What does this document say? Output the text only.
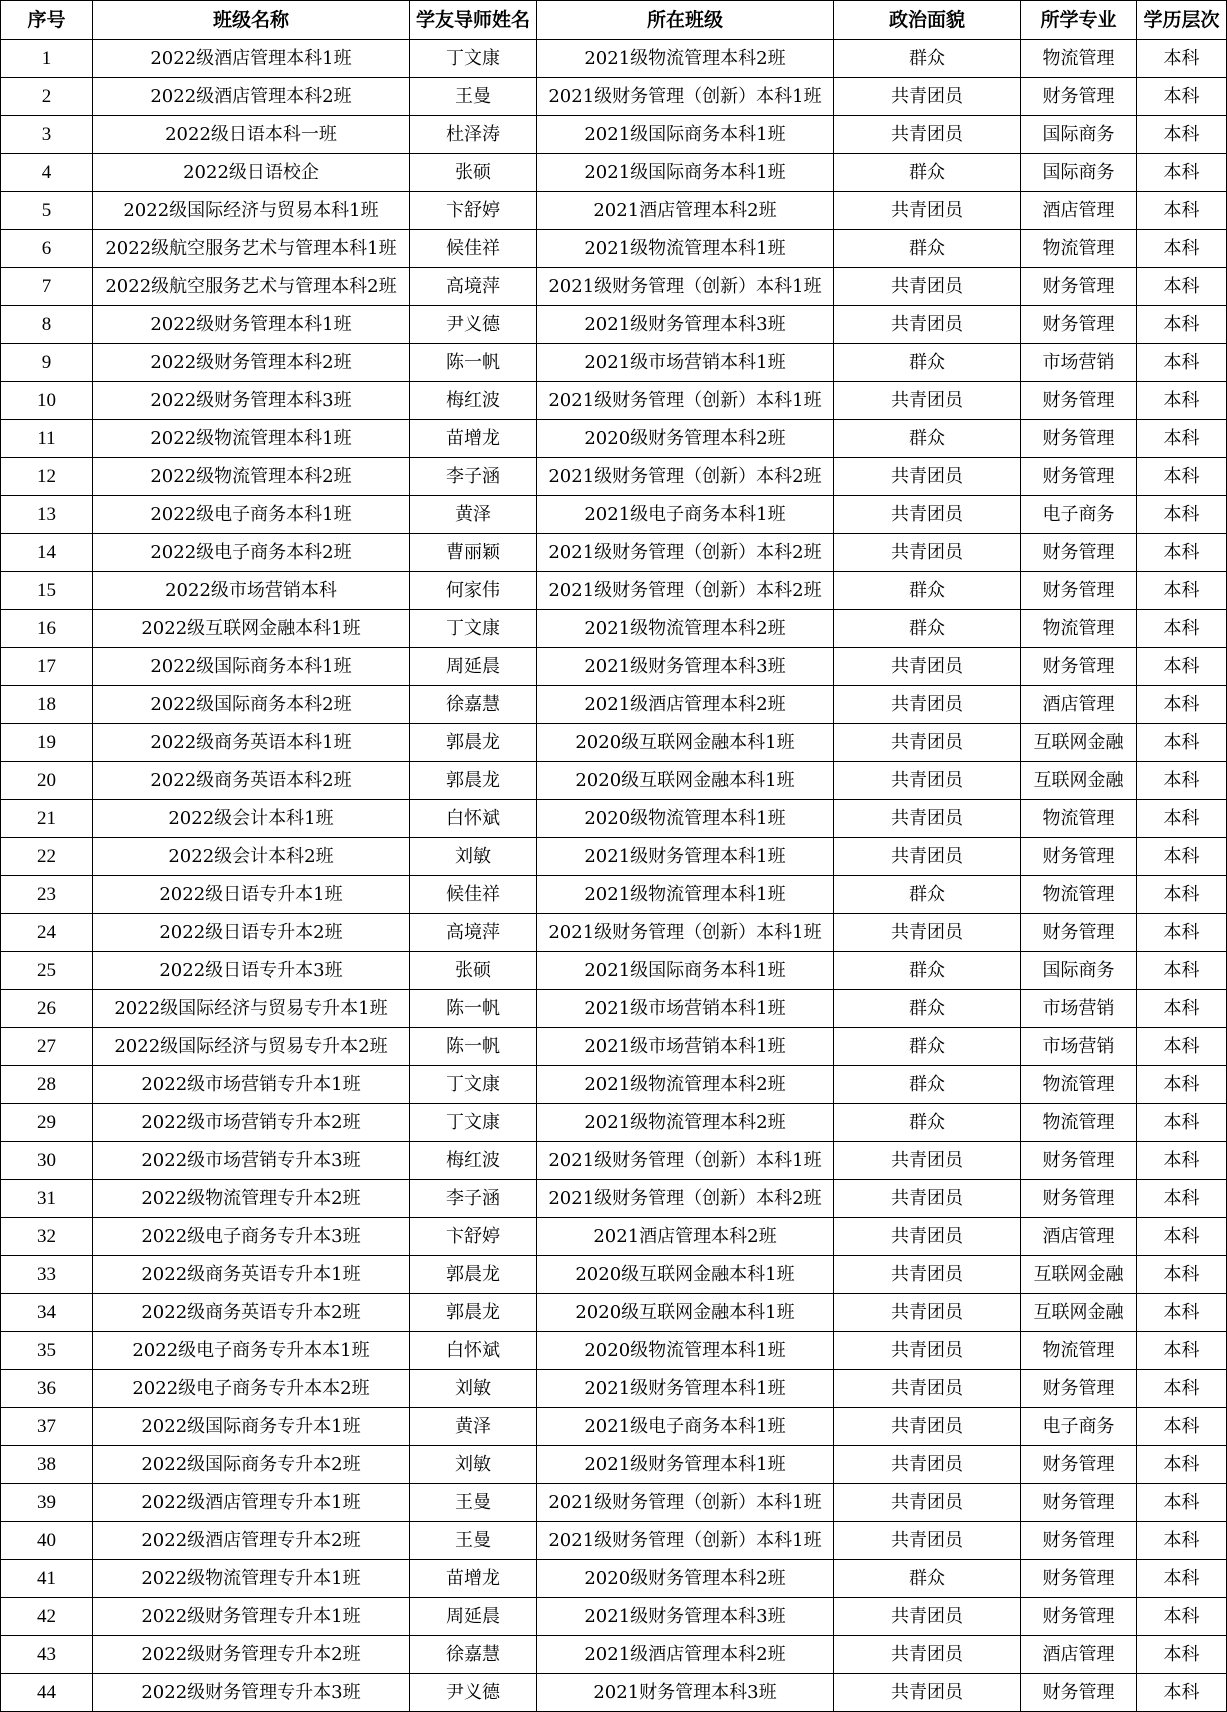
序号	班级名称	学友导师姓名	所在班级	政治面貌	所学专业	学历层次
1	2022级酒店管理本科1班	丁文康	2021级物流管理本科2班	群众	物流管理	本科
2	2022级酒店管理本科2班	王曼	2021级财务管理（创新）本科1班	共青团员	财务管理	本科
3	2022级日语本科一班	杜泽涛	2021级国际商务本科1班	共青团员	国际商务	本科
4	2022级日语校企	张硕	2021级国际商务本科1班	群众	国际商务	本科
5	2022级国际经济与贸易本科1班	卞舒婷	2021酒店管理本科2班	共青团员	酒店管理	本科
6	2022级航空服务艺术与管理本科1班	候佳祥	2021级物流管理本科1班	群众	物流管理	本科
7	2022级航空服务艺术与管理本科2班	高境萍	2021级财务管理（创新）本科1班	共青团员	财务管理	本科
8	2022级财务管理本科1班	尹义德	2021级财务管理本科3班	共青团员	财务管理	本科
9	2022级财务管理本科2班	陈一帆	2021级市场营销本科1班	群众	市场营销	本科
10	2022级财务管理本科3班	梅红波	2021级财务管理（创新）本科1班	共青团员	财务管理	本科
11	2022级物流管理本科1班	苗增龙	2020级财务管理本科2班	群众	财务管理	本科
12	2022级物流管理本科2班	李子涵	2021级财务管理（创新）本科2班	共青团员	财务管理	本科
13	2022级电子商务本科1班	黄泽	2021级电子商务本科1班	共青团员	电子商务	本科
14	2022级电子商务本科2班	曹丽颖	2021级财务管理（创新）本科2班	共青团员	财务管理	本科
15	2022级市场营销本科	何家伟	2021级财务管理（创新）本科2班	群众	财务管理	本科
16	2022级互联网金融本科1班	丁文康	2021级物流管理本科2班	群众	物流管理	本科
17	2022级国际商务本科1班	周延晨	2021级财务管理本科3班	共青团员	财务管理	本科
18	2022级国际商务本科2班	徐嘉慧	2021级酒店管理本科2班	共青团员	酒店管理	本科
19	2022级商务英语本科1班	郭晨龙	2020级互联网金融本科1班	共青团员	互联网金融	本科
20	2022级商务英语本科2班	郭晨龙	2020级互联网金融本科1班	共青团员	互联网金融	本科
21	2022级会计本科1班	白怀斌	2020级物流管理本科1班	共青团员	物流管理	本科
22	2022级会计本科2班	刘敏	2021级财务管理本科1班	共青团员	财务管理	本科
23	2022级日语专升本1班	候佳祥	2021级物流管理本科1班	群众	物流管理	本科
24	2022级日语专升本2班	高境萍	2021级财务管理（创新）本科1班	共青团员	财务管理	本科
25	2022级日语专升本3班	张硕	2021级国际商务本科1班	群众	国际商务	本科
26	2022级国际经济与贸易专升本1班	陈一帆	2021级市场营销本科1班	群众	市场营销	本科
27	2022级国际经济与贸易专升本2班	陈一帆	2021级市场营销本科1班	群众	市场营销	本科
28	2022级市场营销专升本1班	丁文康	2021级物流管理本科2班	群众	物流管理	本科
29	2022级市场营销专升本2班	丁文康	2021级物流管理本科2班	群众	物流管理	本科
30	2022级市场营销专升本3班	梅红波	2021级财务管理（创新）本科1班	共青团员	财务管理	本科
31	2022级物流管理专升本2班	李子涵	2021级财务管理（创新）本科2班	共青团员	财务管理	本科
32	2022级电子商务专升本3班	卞舒婷	2021酒店管理本科2班	共青团员	酒店管理	本科
33	2022级商务英语专升本1班	郭晨龙	2020级互联网金融本科1班	共青团员	互联网金融	本科
34	2022级商务英语专升本2班	郭晨龙	2020级互联网金融本科1班	共青团员	互联网金融	本科
35	2022级电子商务专升本本1班	白怀斌	2020级物流管理本科1班	共青团员	物流管理	本科
36	2022级电子商务专升本本2班	刘敏	2021级财务管理本科1班	共青团员	财务管理	本科
37	2022级国际商务专升本1班	黄泽	2021级电子商务本科1班	共青团员	电子商务	本科
38	2022级国际商务专升本2班	刘敏	2021级财务管理本科1班	共青团员	财务管理	本科
39	2022级酒店管理专升本1班	王曼	2021级财务管理（创新）本科1班	共青团员	财务管理	本科
40	2022级酒店管理专升本2班	王曼	2021级财务管理（创新）本科1班	共青团员	财务管理	本科
41	2022级物流管理专升本1班	苗增龙	2020级财务管理本科2班	群众	财务管理	本科
42	2022级财务管理专升本1班	周延晨	2021级财务管理本科3班	共青团员	财务管理	本科
43	2022级财务管理专升本2班	徐嘉慧	2021级酒店管理本科2班	共青团员	酒店管理	本科
44	2022级财务管理专升本3班	尹义德	2021财务管理本科3班	共青团员	财务管理	本科
